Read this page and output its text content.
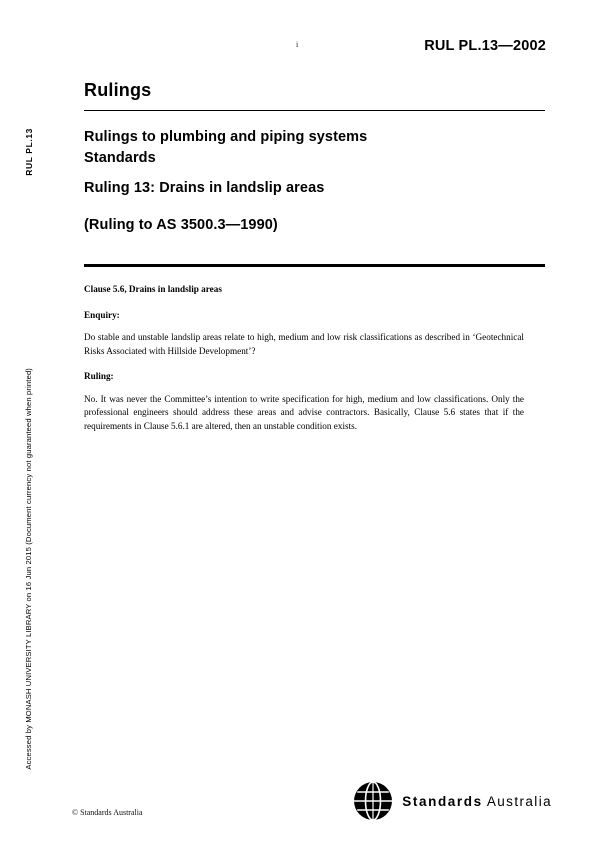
RUL PL.13
Accessed by MONASH UNIVERSITY LIBRARY on 16 Jun 2015 (Document currency not guaranteed when printed)
i	RUL PL.13—2002
Rulings
Rulings to plumbing and piping systems
Standards
Ruling 13: Drains in landslip areas
(Ruling to AS 3500.3—1990)

Clause 5.6, Drains in landslip areas

Enquiry:

Do stable and unstable landslip areas relate to high, medium and low risk classifications as described in ‘Geotechnical Risks Associated with Hillside Development’?

Ruling:

No. It was never the Committee’s intention to write specification for high, medium and low classifications. Only the professional engineers should address these areas and advise contractors. Basically, Clause 5.6 states that if the requirements in Clause 5.6.1 are altered, then an unstable condition exists.

© Standards Australia
Standards Australia
